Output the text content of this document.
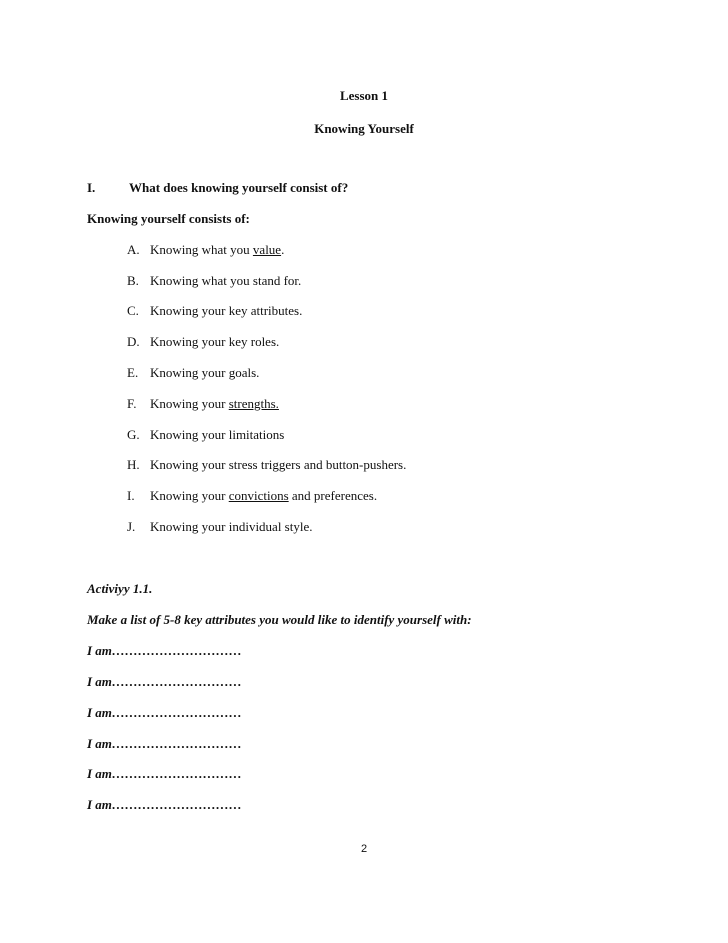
Lesson 1
Knowing Yourself
I.	What does knowing yourself consist of?
Knowing yourself consists of:
A. Knowing what you value.
B. Knowing what you stand for.
C. Knowing your key attributes.
D. Knowing your key roles.
E. Knowing your goals.
F. Knowing your strengths.
G. Knowing your limitations
H. Knowing your stress triggers and button-pushers.
I. Knowing your convictions and preferences.
J. Knowing your individual style.
Activiyy 1.1.
Make a list of 5-8 key attributes you would like to identify yourself with:
I am…………………………
I am…………………………
I am…………………………
I am…………………………
I am…………………………
I am…………………………
2
